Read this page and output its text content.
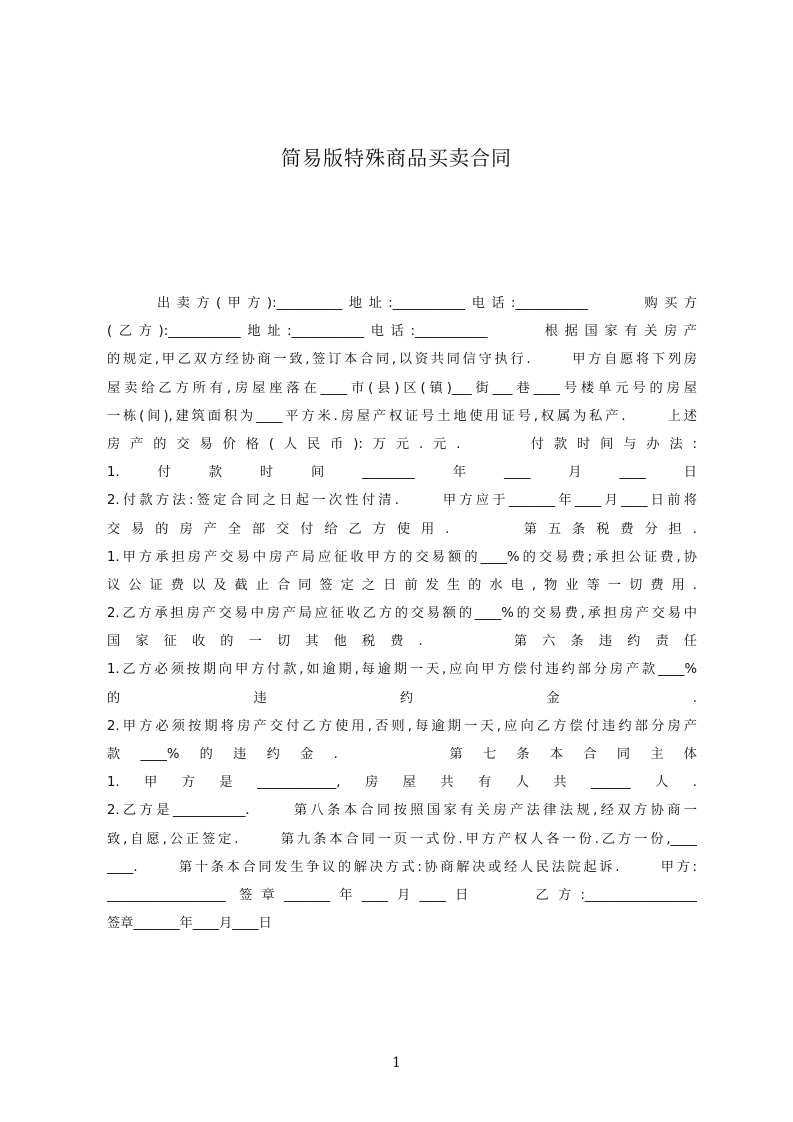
简易版特殊商品买卖合同
　　 出卖方(甲方):__________地址:___________电话:___________　　 购买方
(乙方):___________地址:___________电话:___________　　 根据国家有关房产
的规定,甲乙双方经协商一致,签订本合同,以资共同信守执行.　　 甲方自愿将下列房
屋卖给乙方所有,房屋座落在____市(县)区(镇)___街___巷____号楼单元号的房屋
一栋(间),建筑面积为____平方米.房屋产权证号土地使用证号,权属为私产.　　 上述
房产的交易价格(人民币):万元.元.　　 付款时间与办法:
1.付款时间________年____月____日
2.付款方法:签定合同之日起一次性付清.　　 甲方应于_______年____月____日前将
交易的房产全部交付给乙方使用.　　 第五条税费分担.
1.甲方承担房产交易中房产局应征收甲方的交易额的____%的交易费;承担公证费,协
议公证费以及截止合同签定之日前发生的水电,物业等一切费用.
2.乙方承担房产交易中房产局应征收乙方的交易额的____%的交易费,承担房产交易中
国家征收的一切其他税费.　　 第六条违约责任
1.乙方必须按期向甲方付款,如逾期,每逾期一天,应向甲方偿付违约部分房产款____%
的违约金.
2.甲方必须按期将房产交付乙方使用,否则,每逾期一天,应向乙方偿付违约部分房产
款____%的违约金.　　 第七条本合同主体
1.甲方是____________,房屋共有人共______人.
2.乙方是___________.　　 第八条本合同按照国家有关房产法律法规,经双方协商一
致,自愿,公正签定.　　 第九条本合同一页一式份.甲方产权人各一份.乙方一份,____
____.　　 第十条本合同发生争议的解决方式:协商解决或经人民法院起诉.　　 甲方:
__________________ 签章_______年____月____日　　 乙方:_________________
签章_______年____月____日
1
